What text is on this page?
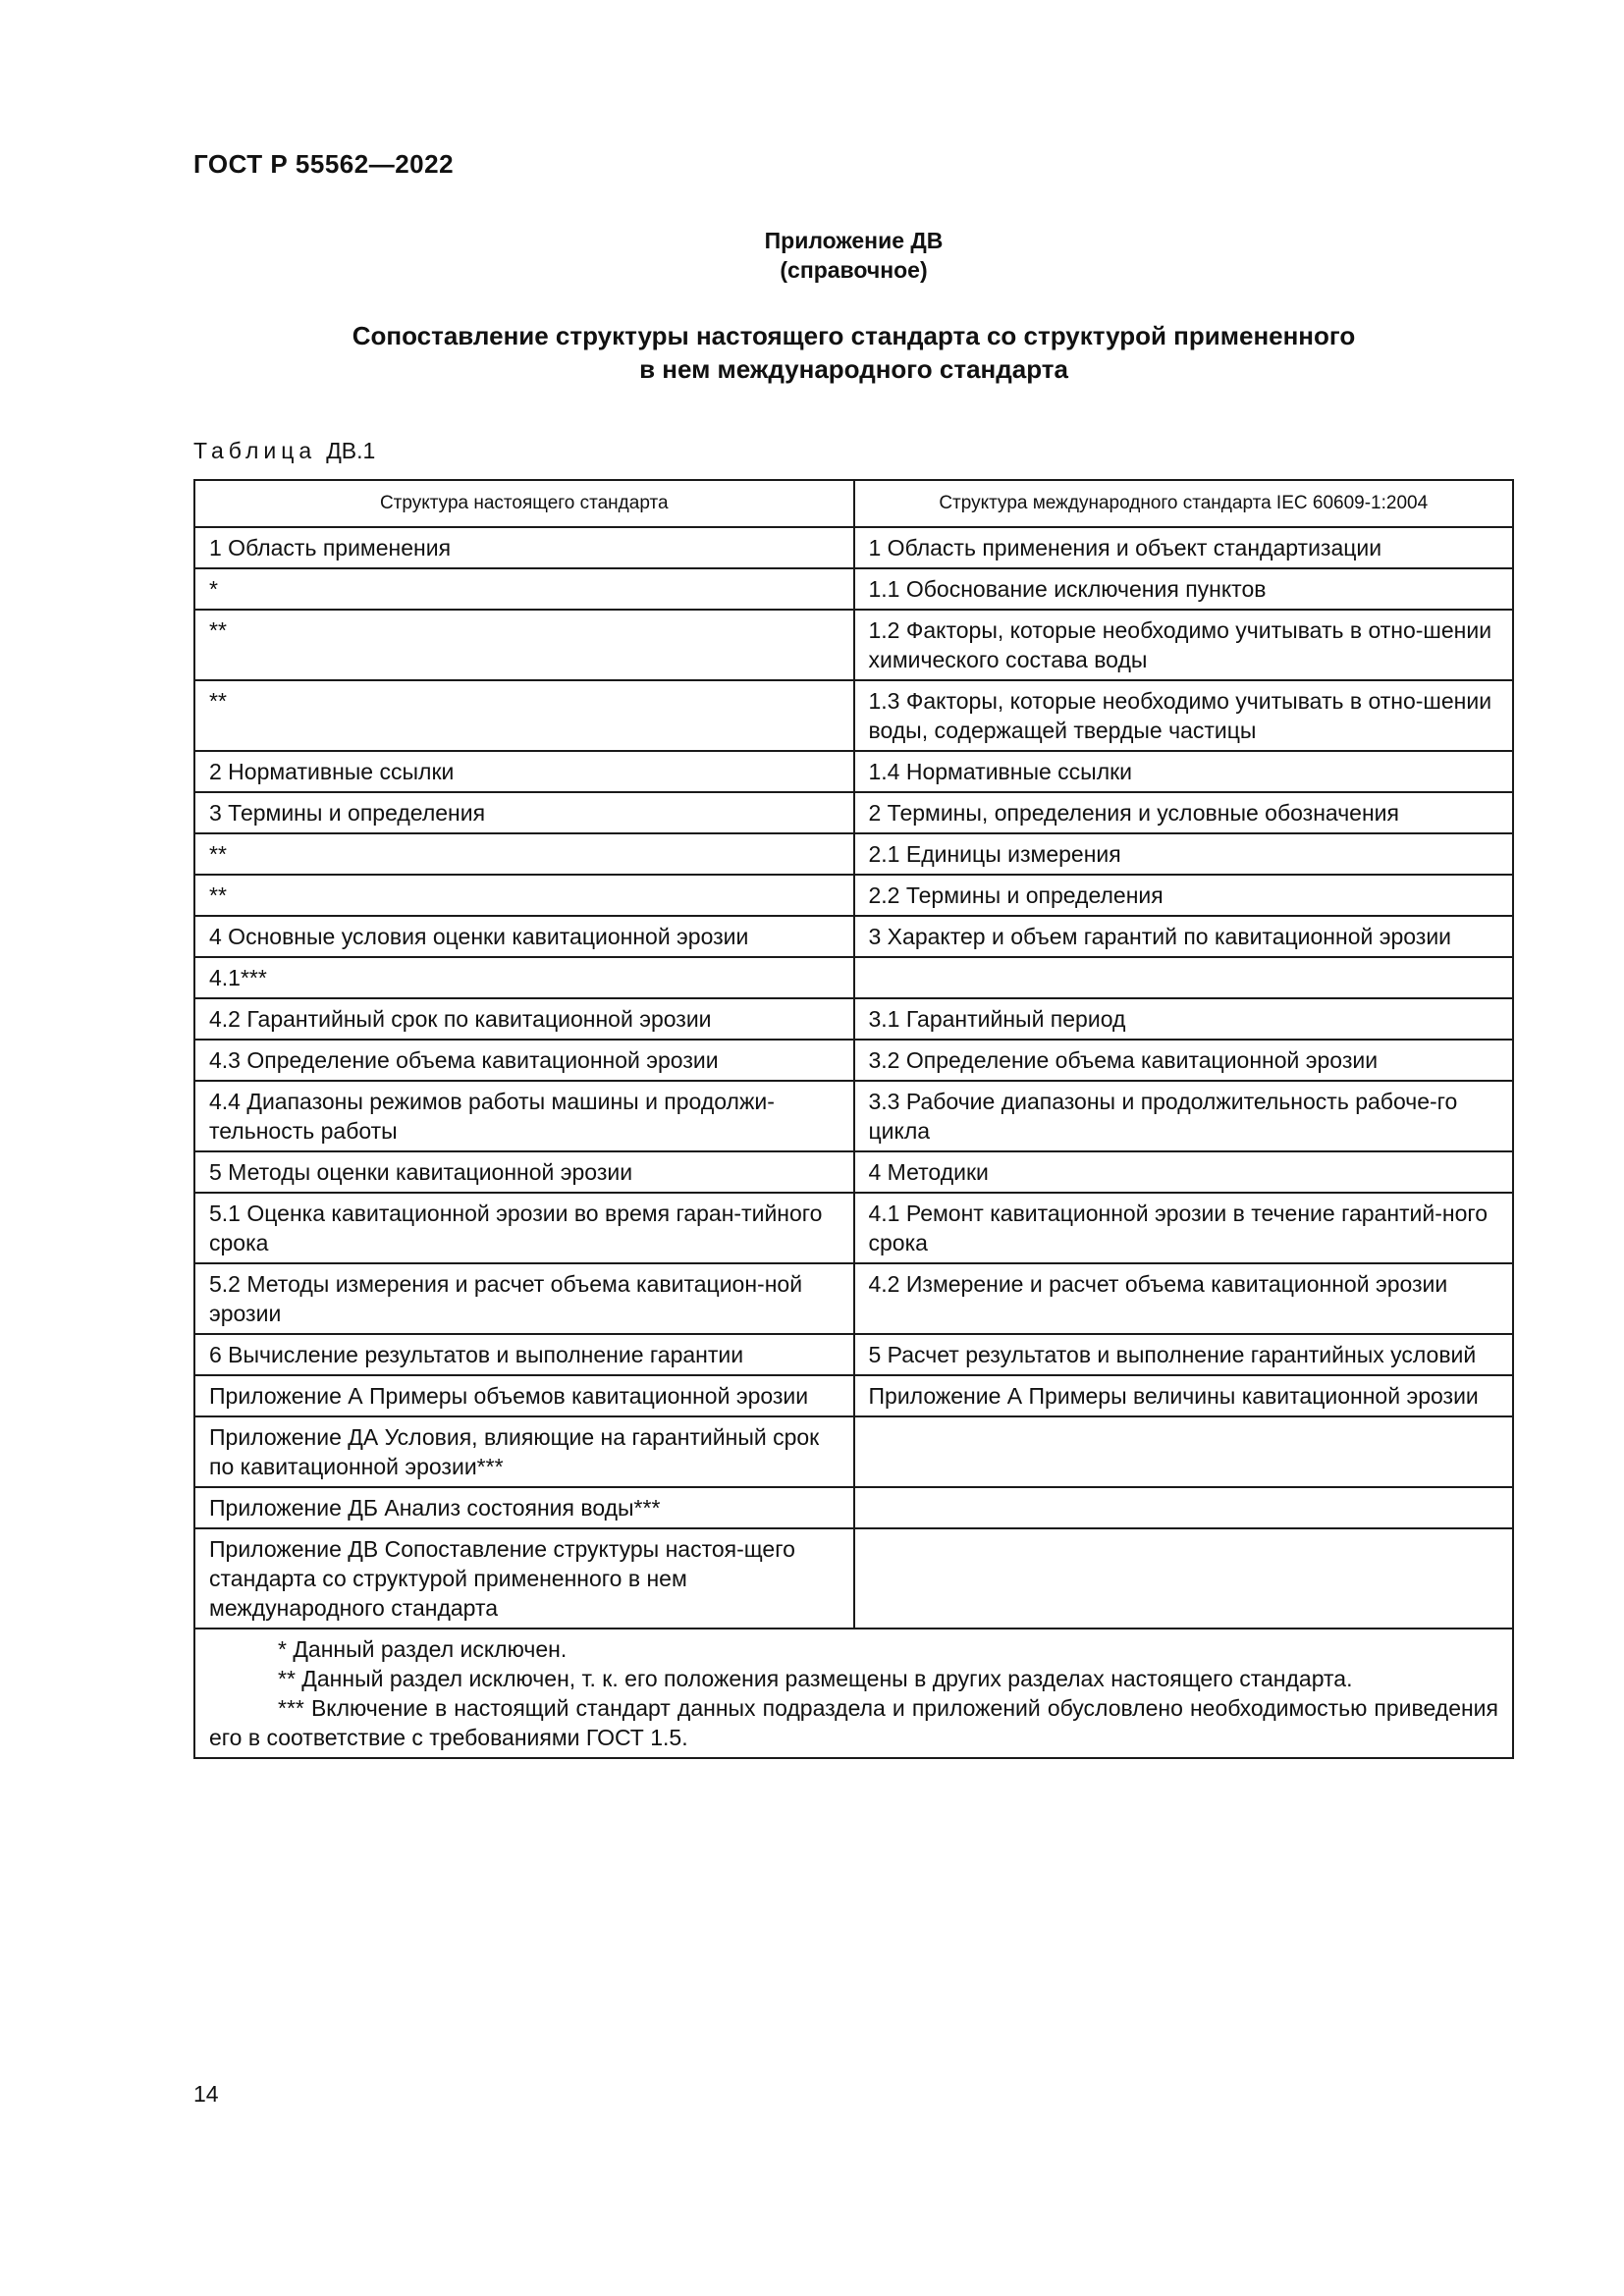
ГОСТ Р 55562—2022
Приложение ДВ
(справочное)
Сопоставление структуры настоящего стандарта со структурой примененного
в нем международного стандарта
Таблица ДВ.1
Структура настоящего стандарта	Структура международного стандарта IEC 60609-1:2004
1 Область применения	1 Область применения и объект стандартизации
*	1.1 Обоснование исключения пунктов
**	1.2 Факторы, которые необходимо учитывать в отно-шении химического состава воды
**	1.3 Факторы, которые необходимо учитывать в отно-шении воды, содержащей твердые частицы
2 Нормативные ссылки	1.4 Нормативные ссылки
3 Термины и определения	2 Термины, определения и условные обозначения
**	2.1 Единицы измерения
**	2.2 Термины и определения
4 Основные условия оценки кавитационной эрозии	3 Характер и объем гарантий по кавитационной эрозии
4.1***	
4.2 Гарантийный срок по кавитационной эрозии	3.1 Гарантийный период
4.3 Определение объема кавитационной эрозии	3.2 Определение объема кавитационной эрозии
4.4 Диапазоны режимов работы машины и продолжи-тельность работы	3.3 Рабочие диапазоны и продолжительность рабоче-го цикла
5 Методы оценки кавитационной эрозии	4 Методики
5.1 Оценка кавитационной эрозии во время гаран-тийного срока	4.1 Ремонт кавитационной эрозии в течение гарантий-ного срока
5.2 Методы измерения и расчет объема кавитацион-ной эрозии	4.2 Измерение и расчет объема кавитационной эрозии
6 Вычисление результатов и выполнение гарантии	5 Расчет результатов и выполнение гарантийных условий
Приложение А Примеры объемов кавитационной эрозии	Приложение А Примеры величины кавитационной эрозии
Приложение ДА Условия, влияющие на гарантийный срок по кавитационной эрозии***	
Приложение ДБ Анализ состояния воды***	
Приложение ДВ Сопоставление структуры настоя-щего стандарта со структурой примененного в нем международного стандарта	

* Данный раздел исключен.
** Данный раздел исключен, т. к. его положения размещены в других разделах настоящего стандарта.
*** Включение в настоящий стандарт данных подраздела и приложений обусловлено необходимостью приведения его в соответствие с требованиями ГОСТ 1.5.	
14
